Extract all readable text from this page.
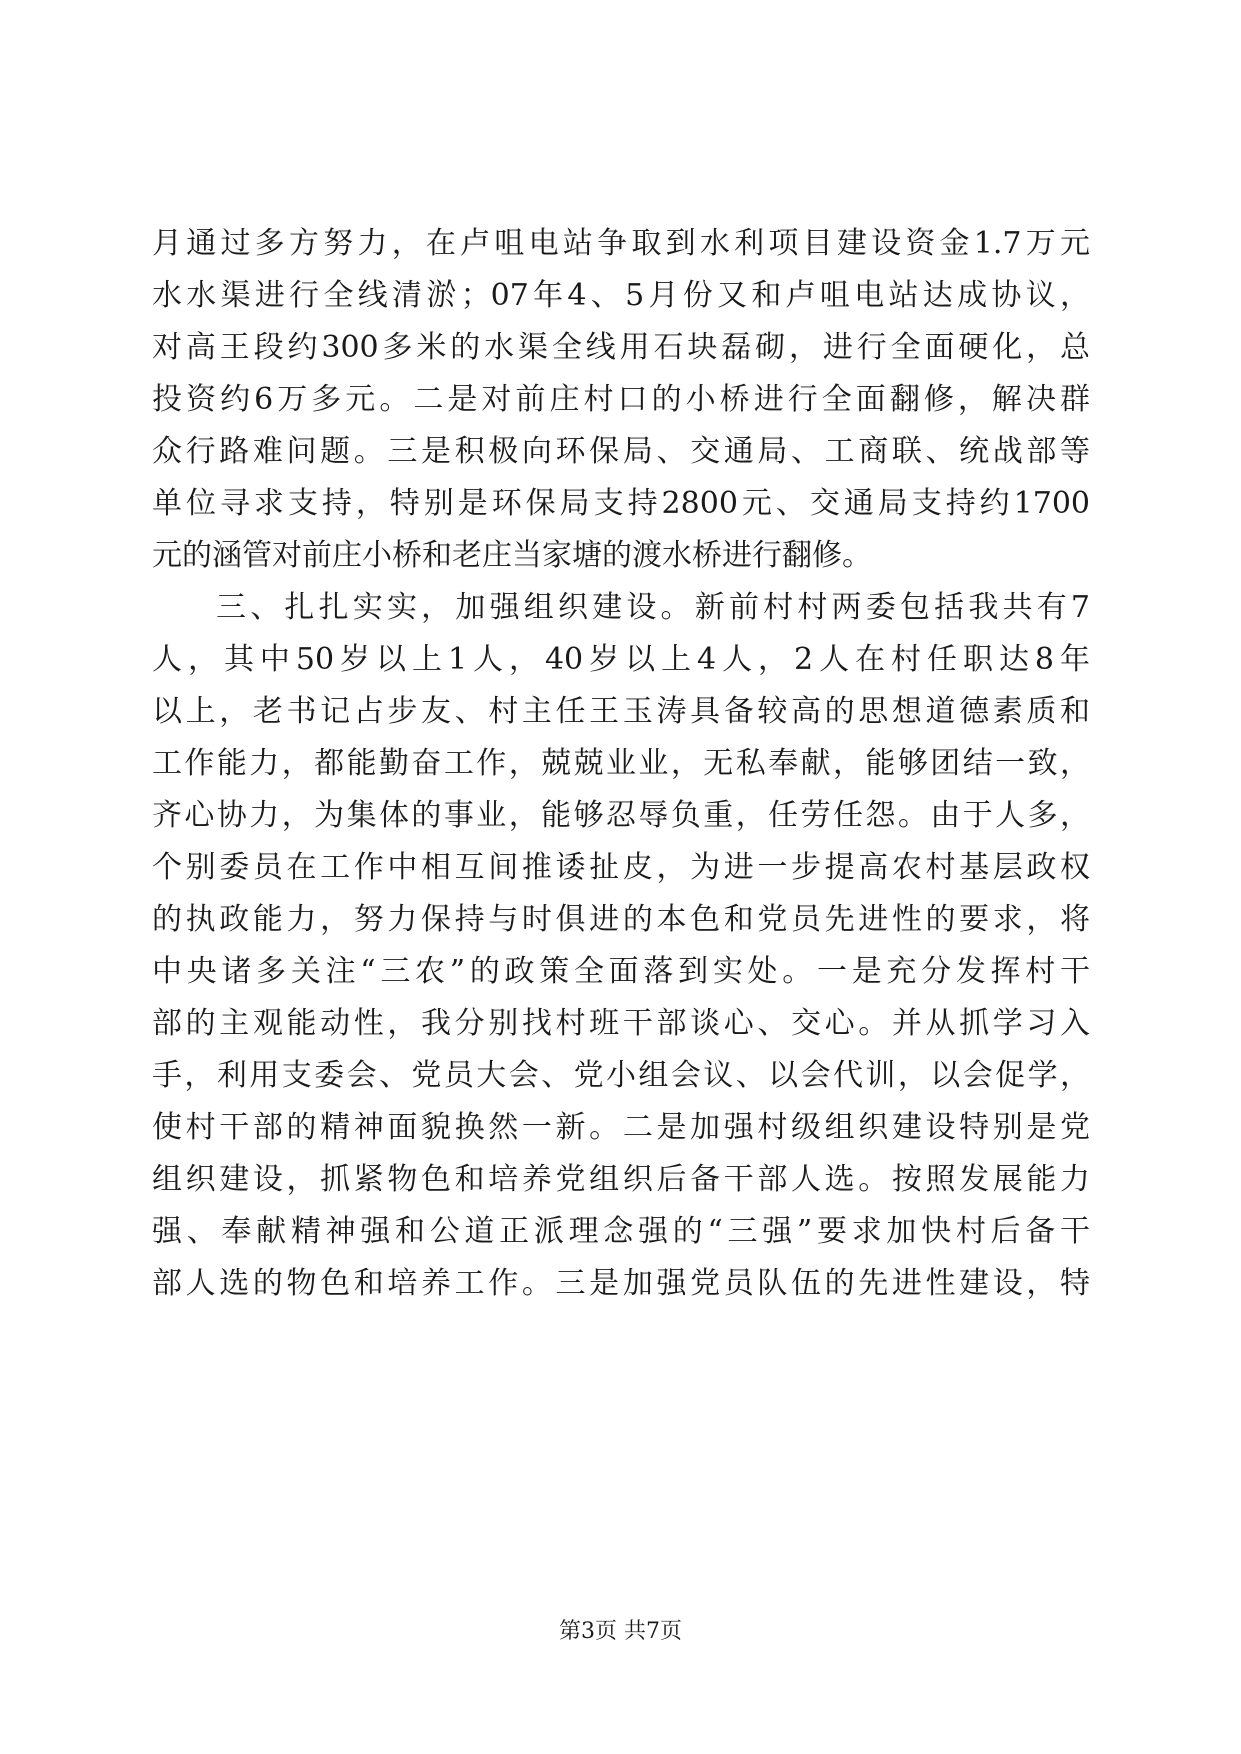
月通过多方努力，在卢咀电站争取到水利项目建设资金1.7万元
水水渠进行全线清淤；07年4、5月份又和卢咀电站达成协议，
对高王段约300多米的水渠全线用石块磊砌，进行全面硬化，总
投资约6万多元。二是对前庄村口的小桥进行全面翻修，解决群
众行路难问题。三是积极向环保局、交通局、工商联、统战部等
单位寻求支持，特别是环保局支持2800元、交通局支持约1700
元的涵管对前庄小桥和老庄当家塘的渡水桥进行翻修。
三、扎扎实实，加强组织建设。新前村村两委包括我共有7
人，其中50岁以上1人，40岁以上4人，2人在村任职达8年
以上，老书记占步友、村主任王玉涛具备较高的思想道德素质和
工作能力，都能勤奋工作，兢兢业业，无私奉献，能够团结一致，
齐心协力，为集体的事业，能够忍辱负重，任劳任怨。由于人多，
个别委员在工作中相互间推诿扯皮，为进一步提高农村基层政权
的执政能力，努力保持与时俱进的本色和党员先进性的要求，将
中央诸多关注“三农”的政策全面落到实处。一是充分发挥村干
部的主观能动性，我分别找村班干部谈心、交心。并从抓学习入
手，利用支委会、党员大会、党小组会议、以会代训，以会促学，
使村干部的精神面貌换然一新。二是加强村级组织建设特别是党
组织建设，抓紧物色和培养党组织后备干部人选。按照发展能力
强、奉献精神强和公道正派理念强的“三强”要求加快村后备干
部人选的物色和培养工作。三是加强党员队伍的先进性建设，特
第3页 共7页
